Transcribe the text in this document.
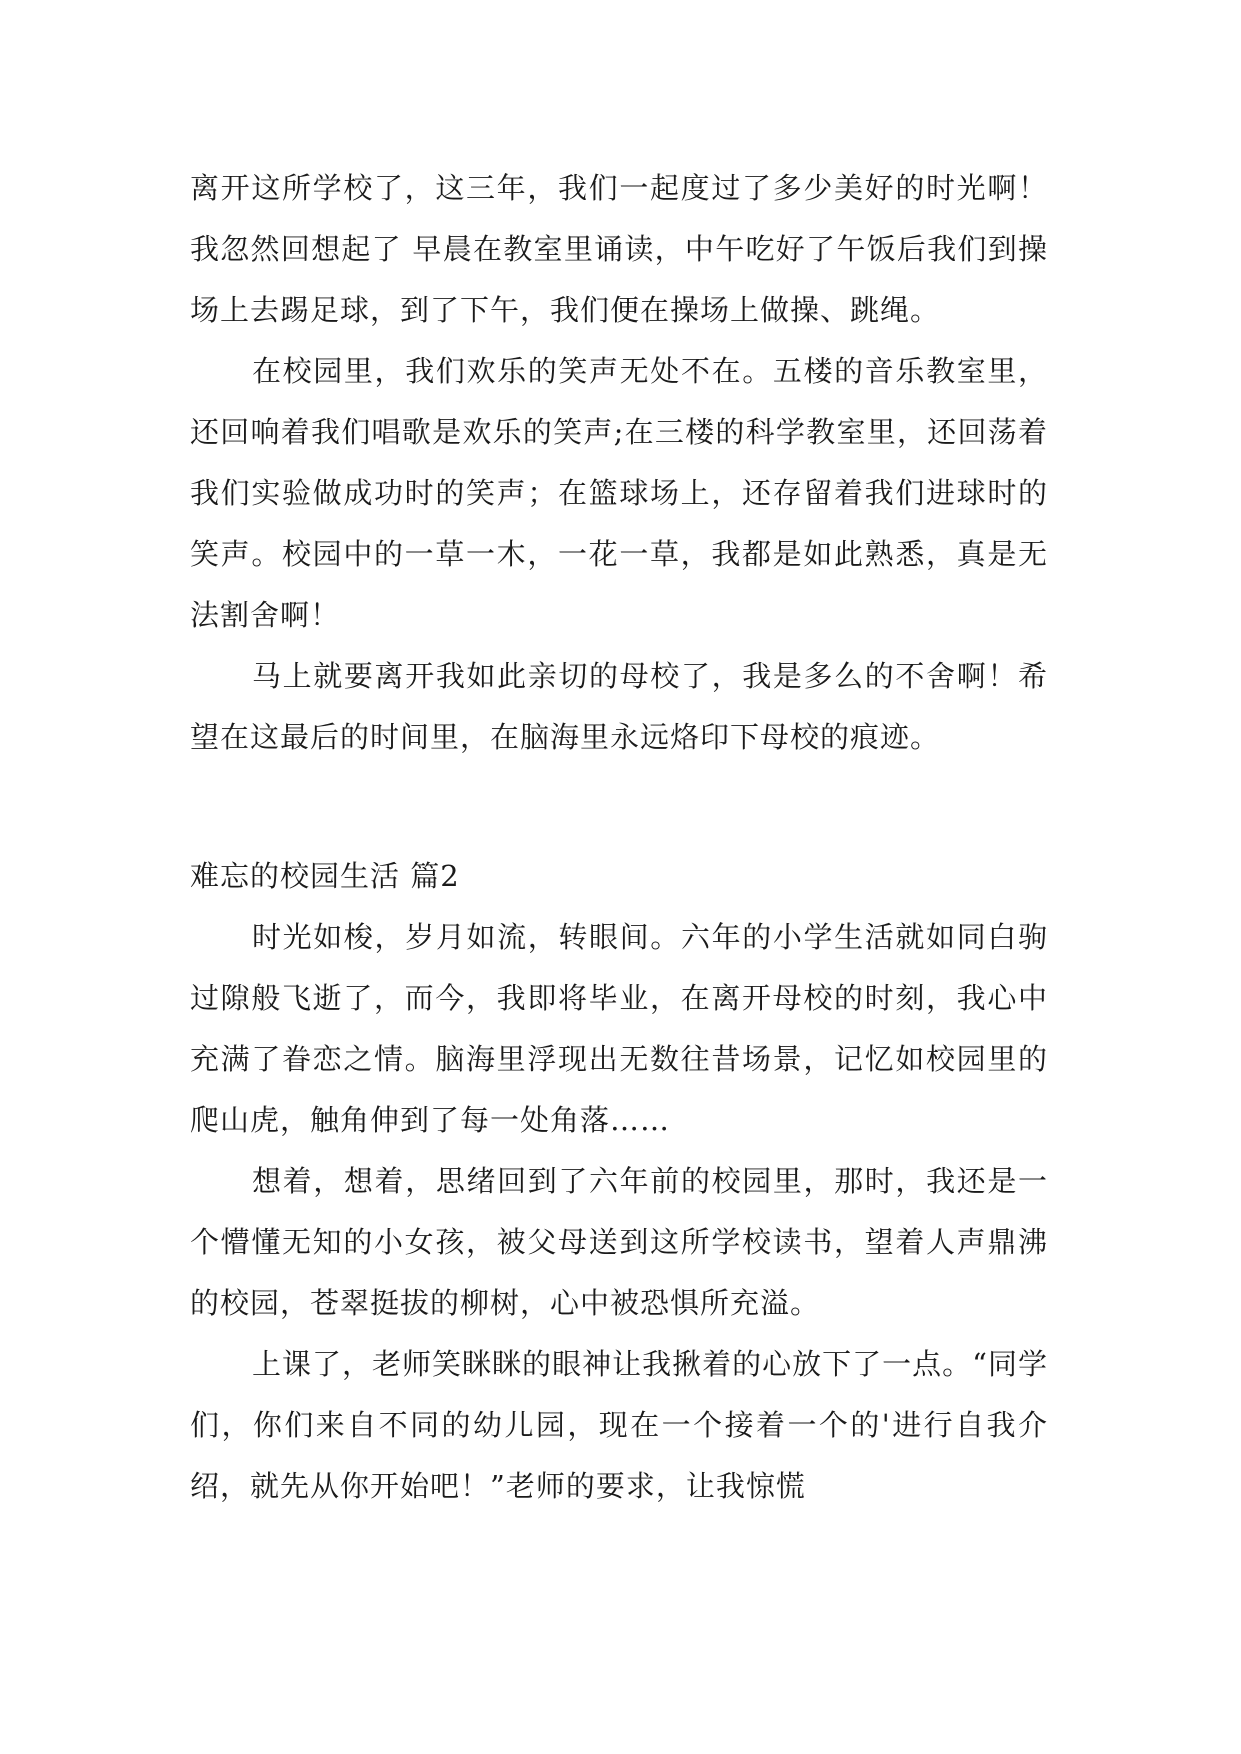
离开这所学校了，这三年，我们一起度过了多少美好的时光啊！我忽然回想起了 早晨在教室里诵读，中午吃好了午饭后我们到操场上去踢足球，到了下午，我们便在操场上做操、跳绳。

在校园里，我们欢乐的笑声无处不在。五楼的音乐教室里，还回响着我们唱歌是欢乐的笑声;在三楼的科学教室里，还回荡着我们实验做成功时的笑声；在篮球场上，还存留着我们进球时的笑声。校园中的一草一木，一花一草，我都是如此熟悉，真是无法割舍啊！

马上就要离开我如此亲切的母校了，我是多么的不舍啊！希望在这最后的时间里，在脑海里永远烙印下母校的痕迹。

难忘的校园生活 篇2

时光如梭，岁月如流，转眼间。六年的小学生活就如同白驹过隙般飞逝了，而今，我即将毕业，在离开母校的时刻，我心中充满了眷恋之情。脑海里浮现出无数往昔场景，记忆如校园里的爬山虎，触角伸到了每一处角落……

想着，想着，思绪回到了六年前的校园里，那时，我还是一个懵懂无知的小女孩，被父母送到这所学校读书，望着人声鼎沸的校园，苍翠挺拔的柳树，心中被恐惧所充溢。

上课了，老师笑眯眯的眼神让我揪着的心放下了一点。“同学们，你们来自不同的幼儿园，现在一个接着一个的'进行自我介绍，就先从你开始吧！”老师的要求，让我惊慌
